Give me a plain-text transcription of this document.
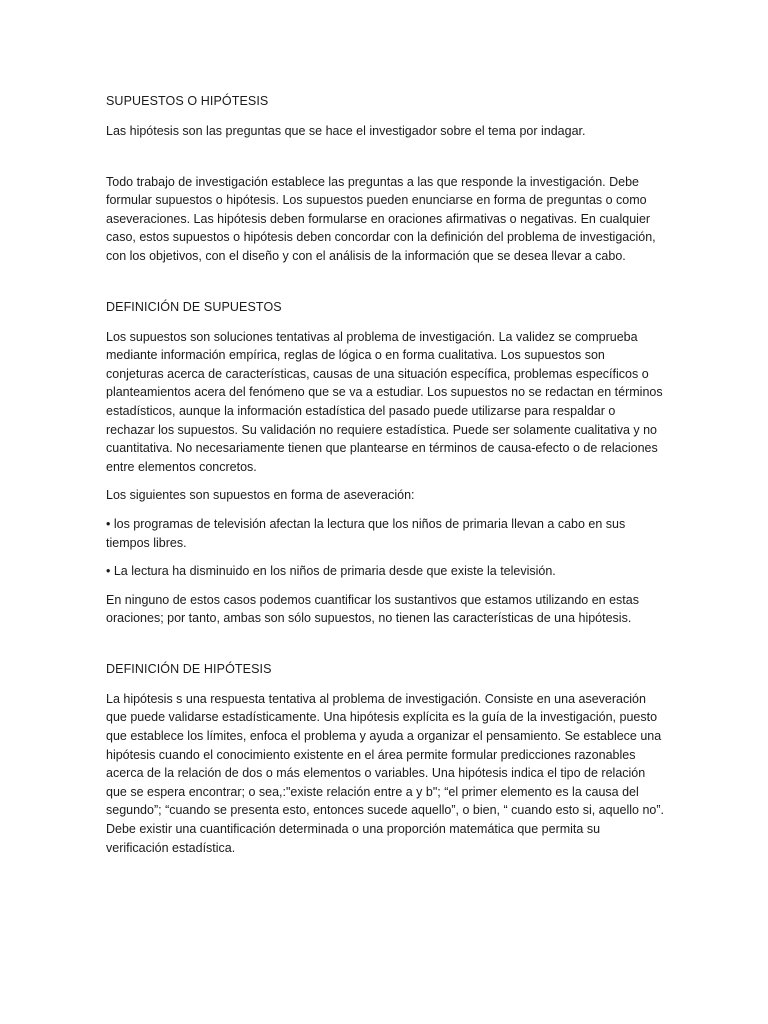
SUPUESTOS O HIPÓTESIS

Las hipótesis son las preguntas que se hace el investigador sobre el tema por indagar.

Todo trabajo de investigación establece las preguntas a las que responde la investigación. Debe formular supuestos o hipótesis. Los supuestos pueden enunciarse en forma de preguntas o como aseveraciones. Las hipótesis deben formularse en oraciones afirmativas o negativas. En cualquier caso, estos supuestos o hipótesis deben concordar con la definición del problema de investigación, con los objetivos, con el diseño y con el análisis de la información que se desea llevar a cabo.

DEFINICIÓN DE SUPUESTOS

Los supuestos son soluciones tentativas al problema de investigación. La validez se comprueba mediante información empírica, reglas de lógica o en forma cualitativa. Los supuestos son conjeturas acerca de características, causas de una situación específica, problemas específicos o planteamientos acera del fenómeno que se va a estudiar. Los supuestos no se redactan en términos estadísticos, aunque la información estadística del pasado puede utilizarse para respaldar o rechazar los supuestos. Su validación no requiere estadística. Puede ser solamente cualitativa y no cuantitativa. No necesariamente tienen que plantearse en términos de causa-efecto o de relaciones entre elementos concretos.

Los siguientes son supuestos en forma de aseveración:

• los programas de televisión afectan la lectura que los niños de primaria llevan a cabo en sus tiempos libres.

• La lectura ha disminuido en los niños de primaria desde que existe la televisión.

En ninguno de estos casos podemos cuantificar los sustantivos que estamos utilizando en estas oraciones; por tanto, ambas son sólo supuestos, no tienen las características de una hipótesis.

DEFINICIÓN DE HIPÓTESIS

La hipótesis s una respuesta tentativa al problema de investigación. Consiste en una aseveración que puede validarse estadísticamente. Una hipótesis explícita es la guía de la investigación, puesto que establece los límites, enfoca el problema y ayuda a organizar el pensamiento. Se establece una hipótesis cuando el conocimiento existente en el área permite formular predicciones razonables acerca de la relación de dos o más elementos o variables. Una hipótesis indica el tipo de relación que se espera encontrar; o sea,:"existe relación entre a y b"; “el primer elemento es la causa del segundo”; “cuando se presenta esto, entonces sucede aquello”, o bien, “ cuando esto si, aquello no”. Debe existir una cuantificación determinada o una proporción matemática que permita su verificación estadística.
